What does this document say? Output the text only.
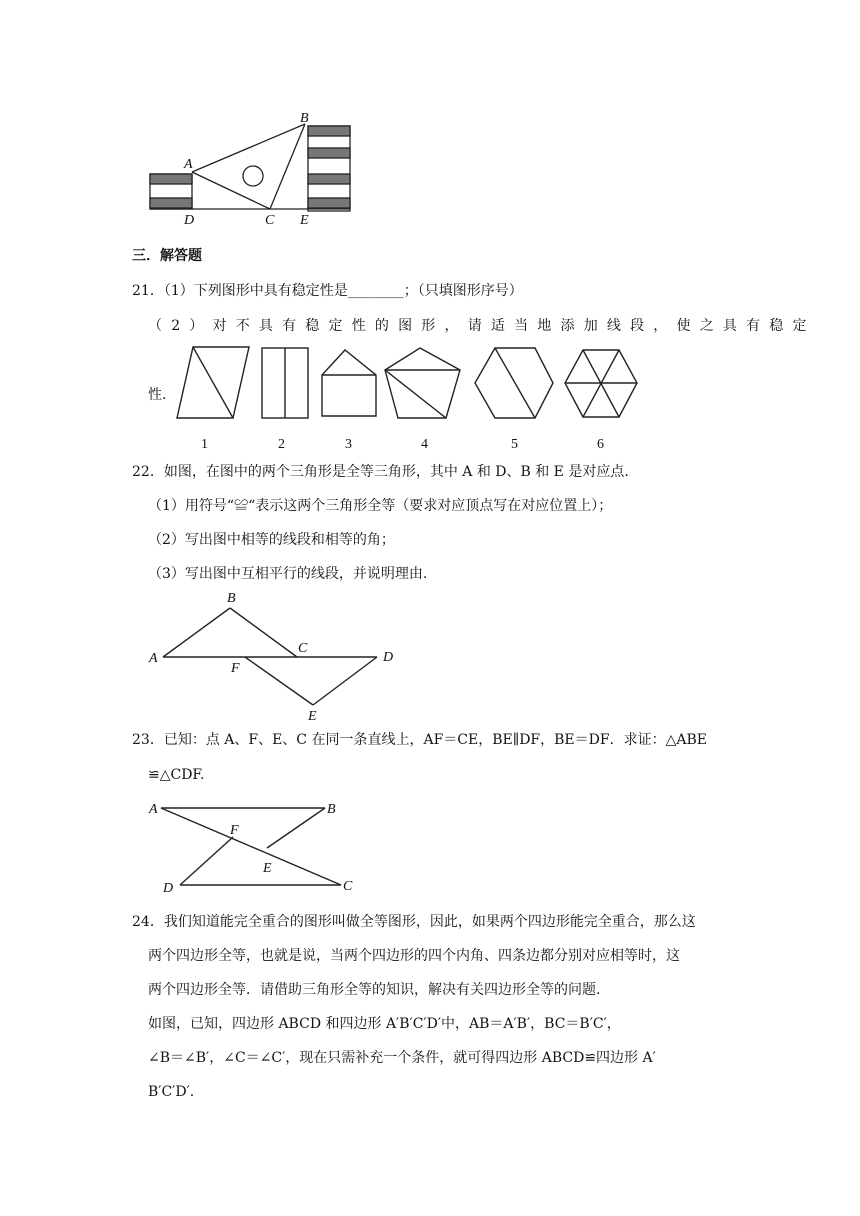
B
A
D	C E
三．解答题
21．（1）下列图形中具有稳定性是________；（只填图形序号）
（2）对不具有稳定性的图形，请适当地添加线段，使之具有稳定
性.
1	2	3	4	5	6
22．如图，在图中的两个三角形是全等三角形，其中 A 和 D、B 和 E 是对应点.
（1）用符号“≌“表示这两个三角形全等（要求对应顶点写在对应位置上）；
（2）写出图中相等的线段和相等的角；
（3）写出图中互相平行的线段，并说明理由.
B
C
A
F
D
E
23．已知：点 A、F、E、C 在同一条直线上，AF＝CE，BE∥DF，BE＝DF．求证：△ABE
≌△CDF.
A	B
F
E
D	C
24．我们知道能完全重合的图形叫做全等图形，因此，如果两个四边形能完全重合，那么这
两个四边形全等，也就是说，当两个四边形的四个内角、四条边都分别对应相等时，这
两个四边形全等．请借助三角形全等的知识，解决有关四边形全等的问题.
如图，已知，四边形 ABCD 和四边形 A′B′C′D′中，AB＝A′B′，BC＝B′C′，
∠B＝∠B′，∠C＝∠C′，现在只需补充一个条件，就可得四边形 ABCD≌四边形 A′
B′C′D′.
